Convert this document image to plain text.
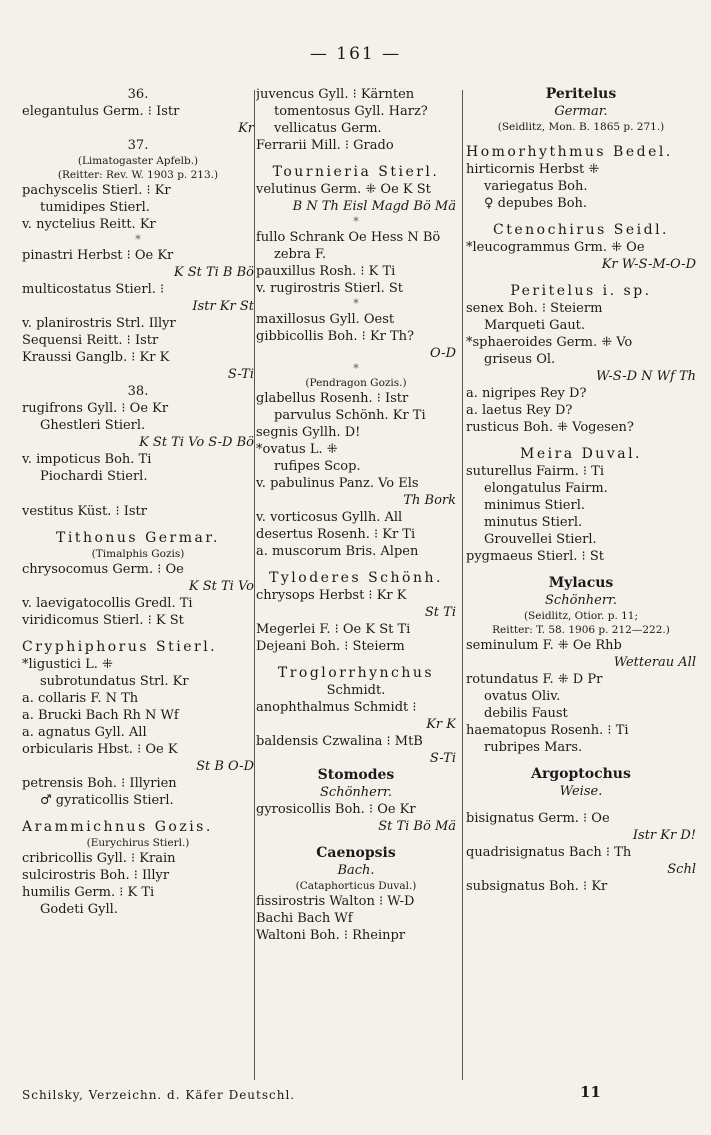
— 161 —
36.
elegantulus Germ. ⁝ Istr
Kr
37.
(Limatogaster Apfelb.)
(Reitter: Rev. W. 1903 p. 213.)
pachyscelis Stierl. ⁝ Kr
tumidipes Stierl.
v. nyctelius Reitt. Kr
*
pinastri Herbst ⁝ Oe Kr
K St Ti B Bö
multicostatus Stierl. ⁝
Istr Kr St
v. planirostris Strl. Illyr
Sequensi Reitt. ⁝ Istr
Kraussi Ganglb. ⁝ Kr K
S-Ti
38.
rugifrons Gyll. ⁝ Oe Kr
Ghestleri Stierl.
K St Ti Vo S-D Bö
v. impoticus Boh. Ti
Piochardi Stierl.
vestitus Küst. ⁝ Istr
Tithonus Germar.
(Timalphis Gozis)
chrysocomus Germ. ⁝ Oe
K St Ti Vo
v. laevigatocollis Gredl. Ti
viridicomus Stierl. ⁝ K St
Cryphiphorus Stierl.
*ligustici L. ⁜
subrotundatus Strl. Kr
a. collaris F. N Th
a. Brucki Bach Rh N Wf
a. agnatus Gyll. All
orbicularis Hbst. ⁝ Oe K
St B O-D
petrensis Boh. ⁝ Illyrien
♂ gyraticollis Stierl.
Arammichnus Gozis.
(Eurychirus Stierl.)
cribricollis Gyll. ⁝ Krain
sulcirostris Boh. ⁝ Illyr
humilis Germ. ⁝ K Ti
Godeti Gyll.
juvencus Gyll. ⁝ Kärnten
tomentosus Gyll. Harz?
vellicatus Germ.
Ferrarii Mill. ⁝ Grado
Tournieria Stierl.
velutinus Germ. ⁜ Oe K St
B N Th Eisl Magd Bö Mä
*
fullo Schrank Oe Hess N Bö
zebra F.
pauxillus Rosh. ⁝ K Ti
v. rugirostris Stierl. St
*
maxillosus Gyll. Oest
gibbicollis Boh. ⁝ Kr Th?
O-D
*
(Pendragon Gozis.)
glabellus Rosenh. ⁝ Istr
parvulus Schönh. Kr Ti
segnis Gyllh. D!
*ovatus L. ⁜
rufipes Scop.
v. pabulinus Panz. Vo Els
Th Bork
v. vorticosus Gyllh. All
desertus Rosenh. ⁝ Kr Ti
a. muscorum Bris. Alpen
Tyloderes Schönh.
chrysops Herbst ⁝ Kr K
St Ti
Megerlei F. ⁝ Oe K St Ti
Dejeani Boh. ⁝ Steierm
Troglorrhynchus
Schmidt.
anophthalmus Schmidt ⁝
Kr K
baldensis Czwalina ⁝ MtB
S-Ti
Stomodes
Schönherr.
gyrosicollis Boh. ⁝ Oe Kr
St Ti Bö Mä
Caenopsis
Bach.
(Cataphorticus Duval.)
fissirostris Walton ⁝ W-D
Bachi Bach Wf
Waltoni Boh. ⁝ Rheinpr
Peritelus
Germar.
(Seidlitz, Mon. B. 1865 p. 271.)
Homorhythmus Bedel.
hirticornis Herbst ⁜
variegatus Boh.
♀ depubes Boh.
Ctenochirus Seidl.
*leucogrammus Grm. ⁜ Oe
Kr W-S-M-O-D
Peritelus i. sp.
senex Boh. ⁝ Steierm
Marqueti Gaut.
*sphaeroides Germ. ⁜ Vo
griseus Ol.
W-S-D N Wf Th
a. nigripes Rey D?
a. laetus Rey D?
rusticus Boh. ⁜ Vogesen?
Meira Duval.
suturellus Fairm. ⁝ Ti
elongatulus Fairm.
minimus Stierl.
minutus Stierl.
Grouvellei Stierl.
pygmaeus Stierl. ⁝ St
Mylacus
Schönherr.
(Seidlitz, Otior. p. 11;
Reitter: T. 58. 1906 p. 212—222.)
seminulum F. ⁜ Oe Rhb
Wetterau All
rotundatus F. ⁜ D Pr
ovatus Oliv.
debilis Faust
haematopus Rosenh. ⁝ Ti
rubripes Mars.
Argoptochus
Weise.
bisignatus Germ. ⁝ Oe
Istr Kr D!
quadrisignatus Bach ⁝ Th
Schl
subsignatus Boh. ⁝ Kr
Schilsky, Verzeichn. d. Käfer Deutschl.	11
